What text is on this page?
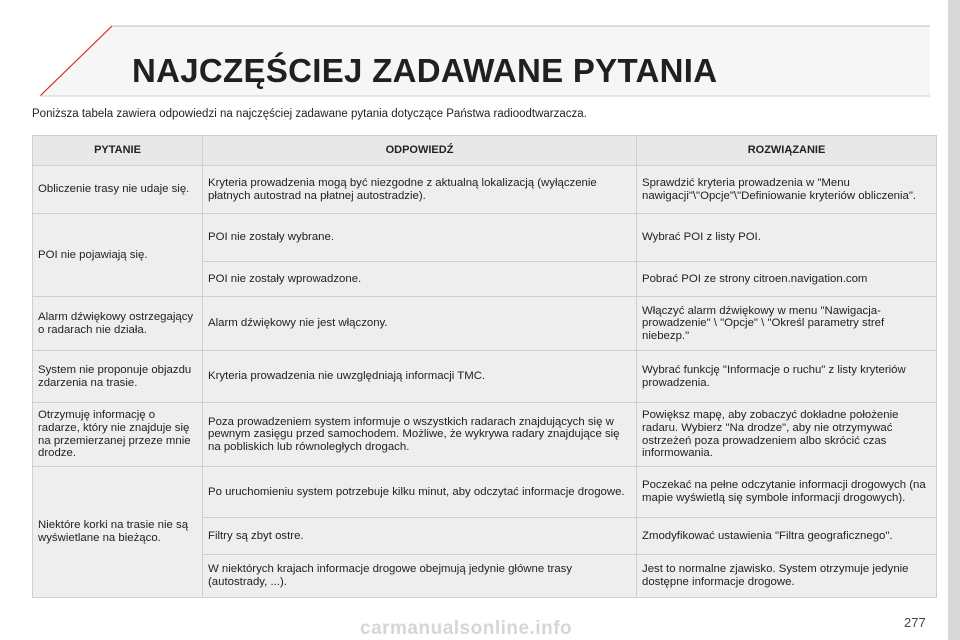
NAJCZĘŚCIEJ ZADAWANE PYTANIA
Poniższa tabela zawiera odpowiedzi na najczęściej zadawane pytania dotyczące Państwa radioodtwarzacza.
PYTANIE	ODPOWIEDŹ	ROZWIĄZANIE
Obliczenie trasy nie udaje się.	Kryteria prowadzenia mogą być niezgodne z aktualną lokalizacją (wyłączenie płatnych autostrad na płatnej autostradzie).	Sprawdzić kryteria prowadzenia w "Menu nawigacji"\"Opcje"\"Definiowanie kryteriów obliczenia".
POI nie pojawiają się.	POI nie zostały wybrane.	Wybrać POI z listy POI.
	POI nie zostały wprowadzone.	Pobrać POI ze strony citroen.navigation.com
Alarm dźwiękowy ostrzegający o radarach nie działa.	Alarm dźwiękowy nie jest włączony.	Włączyć alarm dźwiękowy w menu "Nawigacja-prowadzenie" \ "Opcje" \ "Określ parametry stref niebezp."
System nie proponuje objazdu zdarzenia na trasie.	Kryteria prowadzenia nie uwzględniają informacji TMC.	Wybrać funkcję "Informacje o ruchu" z listy kryteriów prowadzenia.
Otrzymuję informację o radarze, który nie znajduje się na przemierzanej przeze mnie drodze.	Poza prowadzeniem system informuje o wszystkich radarach znajdujących się w pewnym zasięgu przed samochodem. Możliwe, że wykrywa radary znajdujące się na pobliskich lub równoległych drogach.	Powiększ mapę, aby zobaczyć dokładne położenie radaru. Wybierz "Na drodze", aby nie otrzymywać ostrzeżeń poza prowadzeniem albo skrócić czas informowania.
Niektóre korki na trasie nie są wyświetlane na bieżąco.	Po uruchomieniu system potrzebuje kilku minut, aby odczytać informacje drogowe.	Poczekać na pełne odczytanie informacji drogowych (na mapie wyświetlą się symbole informacji drogowych).
	Filtry są zbyt ostre.	Zmodyfikować ustawienia "Filtra geograficznego".
	W niektórych krajach informacje drogowe obejmują jedynie główne trasy (autostrady, ...).	Jest to normalne zjawisko. System otrzymuje jedynie dostępne informacje drogowe.
277
carmanualsonline.info
